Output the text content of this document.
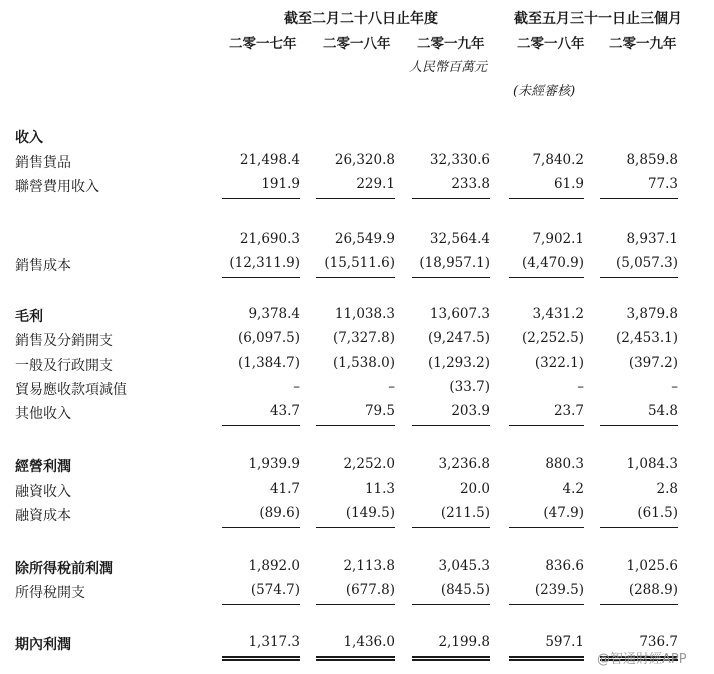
截至二月二十八日止年度	截至五月三十一日止三個月
二零一七年 二零一八年 二零一九年 二零一八年 二零一九年
人民幣百萬元
(未經審核)
收入
銷售貨品	21,498.4	26,320.8	32,330.6	7,840.2	8,859.8
聯營費用收入	191.9	229.1	233.8	61.9	77.3
21,690.3	26,549.9	32,564.4	7,902.1	8,937.1
銷售成本	(12,311.9)	(15,511.6)	(18,957.1)	(4,470.9)	(5,057.3)
毛利	9,378.4	11,038.3	13,607.3	3,431.2	3,879.8
銷售及分銷開支	(6,097.5)	(7,327.8)	(9,247.5)	(2,252.5)	(2,453.1)
一般及行政開支	(1,384.7)	(1,538.0)	(1,293.2)	(322.1)	(397.2)
貿易應收款項減值	–	–	(33.7)	–	–
其他收入	43.7	79.5	203.9	23.7	54.8
經營利潤	1,939.9	2,252.0	3,236.8	880.3	1,084.3
融資收入	41.7	11.3	20.0	4.2	2.8
融資成本	(89.6)	(149.5)	(211.5)	(47.9)	(61.5)
除所得稅前利潤	1,892.0	2,113.8	3,045.3	836.6	1,025.6
所得稅開支	(574.7)	(677.8)	(845.5)	(239.5)	(288.9)
期內利潤	1,317.3	1,436.0	2,199.8	597.1	736.7
@智通財經APP
